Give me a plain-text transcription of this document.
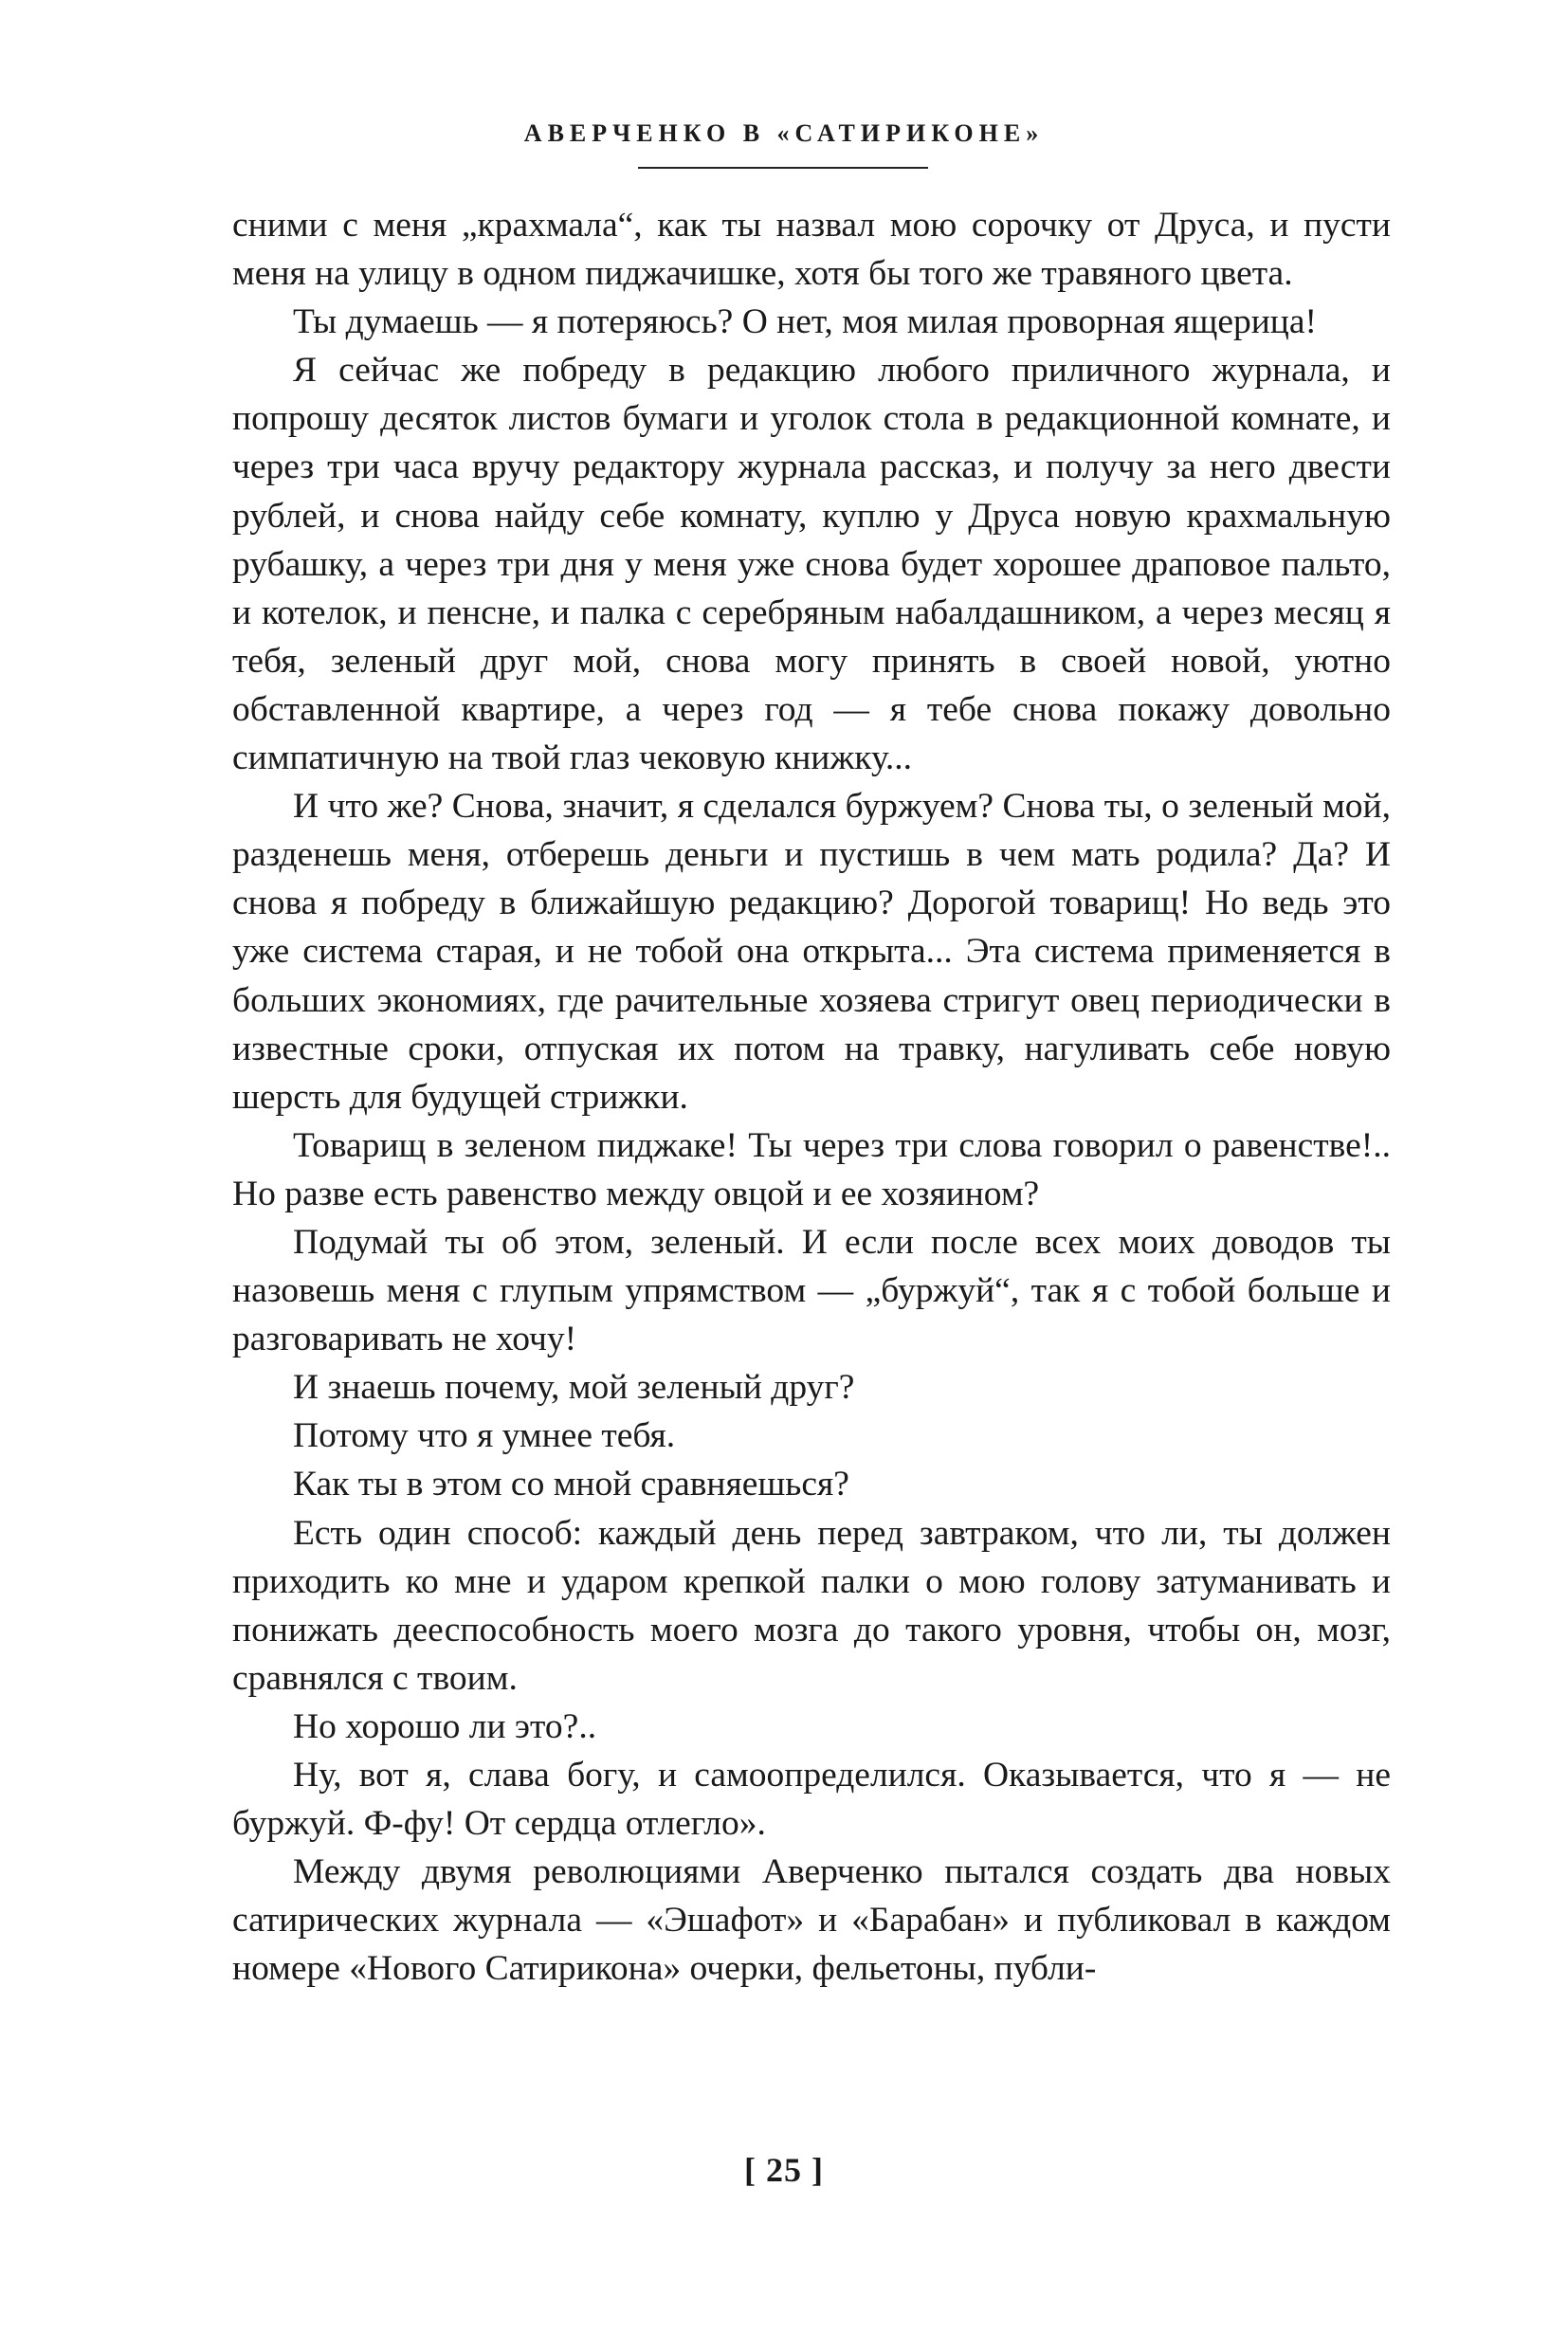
АВЕРЧЕНКО В «САТИРИКОНЕ»

сними с меня „крахмала“, как ты назвал мою сорочку от Друса, и пусти меня на улицу в одном пиджачишке, хотя бы того же травяного цвета.

Ты думаешь — я потеряюсь? О нет, моя милая проворная ящерица!

Я сейчас же побреду в редакцию любого приличного журнала, и попрошу десяток листов бумаги и уголок стола в редакционной комнате, и через три часа вручу редактору журнала рассказ, и получу за него двести рублей, и снова найду себе комнату, куплю у Друса новую крахмальную рубашку, а через три дня у меня уже снова будет хорошее драповое пальто, и котелок, и пенсне, и палка с серебряным набалдашником, а через месяц я тебя, зеленый друг мой, снова могу принять в своей новой, уютно обставленной квартире, а через год — я тебе снова покажу довольно симпатичную на твой глаз чековую книжку...

И что же? Снова, значит, я сделался буржуем? Снова ты, о зеленый мой, разденешь меня, отберешь деньги и пустишь в чем мать родила? Да? И снова я побреду в ближайшую редакцию? Дорогой товарищ! Но ведь это уже система старая, и не тобой она открыта... Эта система применяется в больших экономиях, где рачительные хозяева стригут овец периодически в известные сроки, отпуская их потом на травку, нагуливать себе новую шерсть для будущей стрижки.

Товарищ в зеленом пиджаке! Ты через три слова говорил о равенстве!.. Но разве есть равенство между овцой и ее хозяином?

Подумай ты об этом, зеленый. И если после всех моих доводов ты назовешь меня с глупым упрямством — „буржуй“, так я с тобой больше и разговаривать не хочу!

И знаешь почему, мой зеленый друг?

Потому что я умнее тебя.

Как ты в этом со мной сравняешься?

Есть один способ: каждый день перед завтраком, что ли, ты должен приходить ко мне и ударом крепкой палки о мою голову затуманивать и понижать дееспособность моего мозга до такого уровня, чтобы он, мозг, сравнялся с твоим.

Но хорошо ли это?..

Ну, вот я, слава богу, и самоопределился. Оказывается, что я — не буржуй. Ф-фу! От сердца отлегло».

Между двумя революциями Аверченко пытался создать два новых сатирических журнала — «Эшафот» и «Барабан» и публиковал в каждом номере «Нового Сатирикона» очерки, фельетоны, публи-

[ 25 ]
